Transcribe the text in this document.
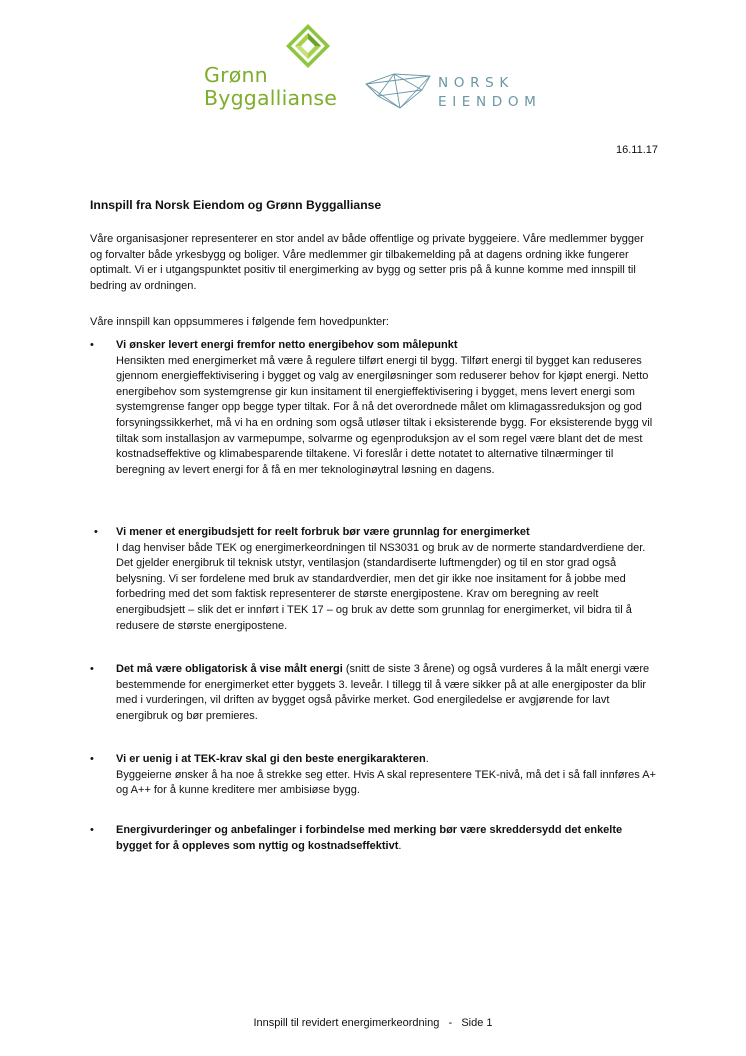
Grønn
Byggallianse
NORSK
EIENDOM
16.11.17
Innspill fra Norsk Eiendom og Grønn Byggallianse

Våre organisasjoner representerer en stor andel av både offentlige og private byggeiere. Våre medlemmer bygger og forvalter både yrkesbygg og boliger. Våre medlemmer gir tilbakemelding på at dagens ordning ikke fungerer optimalt. Vi er i utgangspunktet positiv til energimerking av bygg og setter pris på å kunne komme med innspill til bedring av ordningen.

Våre innspill kan oppsummeres i følgende fem hovedpunkter:

•	Vi ønsker levert energi fremfor netto energibehov som målepunkt
Hensikten med energimerket må være å regulere tilført energi til bygg. Tilført energi til bygget kan reduseres gjennom energieffektivisering i bygget og valg av energiløsninger som reduserer behov for kjøpt energi. Netto energibehov som systemgrense gir kun insitament til energieffektivisering i bygget, mens levert energi som systemgrense fanger opp begge typer tiltak. For å nå det overordnede målet om klimagassreduksjon og god forsyningssikkerhet, må vi ha en ordning som også utløser tiltak i eksisterende bygg. For eksisterende bygg vil tiltak som installasjon av varmepumpe, solvarme og egenproduksjon av el som regel være blant det de mest kostnadseffektive og klimabesparende tiltakene. Vi foreslår i dette notatet to alternative tilnærminger til beregning av levert energi for å få en mer teknologinøytral løsning en dagens.
•	Vi mener et energibudsjett for reelt forbruk bør være grunnlag for energimerket
I dag henviser både TEK og energimerkeordningen til NS3031 og bruk av de normerte standardverdiene der. Det gjelder energibruk til teknisk utstyr, ventilasjon (standardiserte luftmengder) og til en stor grad også belysning. Vi ser fordelene med bruk av standardverdier, men det gir ikke noe insitament for å jobbe med forbedring med det som faktisk representerer de største energipostene. Krav om beregning av reelt energibudsjett – slik det er innført i TEK 17 – og bruk av dette som grunnlag for energimerket, vil bidra til å redusere de største energipostene.
•	Det må være obligatorisk å vise målt energi (snitt de siste 3 årene) og også vurderes å la målt energi være bestemmende for energimerket etter byggets 3. leveår. I tillegg til å være sikker på at alle energiposter da blir med i vurderingen, vil driften av bygget også påvirke merket. God energiledelse er avgjørende for lavt energibruk og bør premieres.
•	Vi er uenig i at TEK-krav skal gi den beste energikarakteren.
Byggeierne ønsker å ha noe å strekke seg etter. Hvis A skal representere TEK-nivå, må det i så fall innføres A+ og A++ for å kunne kreditere mer ambisiøse bygg.
•	Energivurderinger og anbefalinger i forbindelse med merking bør være skreddersydd det enkelte bygget for å oppleves som nyttig og kostnadseffektivt.
Innspill til revidert energimerkeordning   -   Side 1
